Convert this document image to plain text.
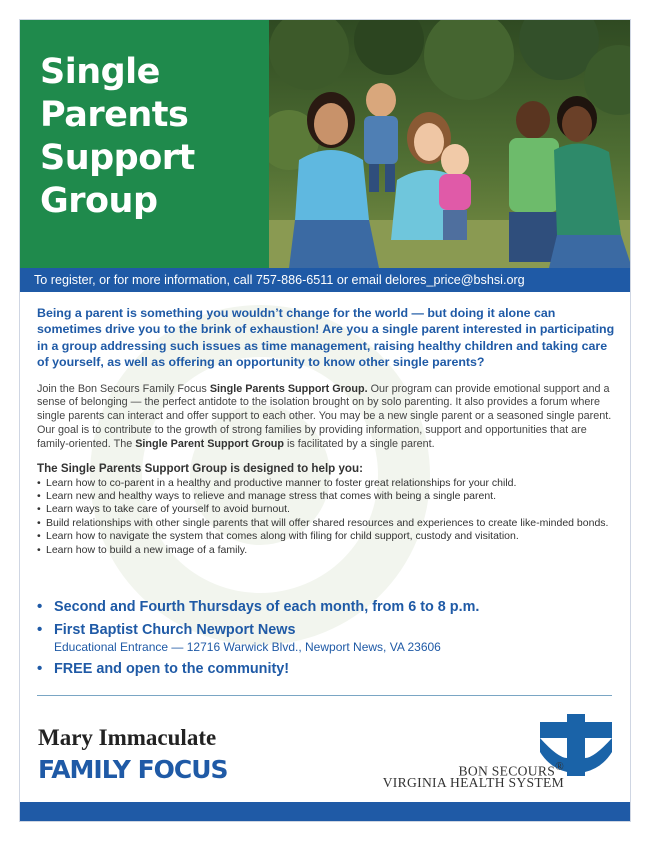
Single
Parents
Support
Group
To register, or for more information, call 757-886-6511 or email delores_price@bshsi.org

Being a parent is something you wouldn’t change for the world — but doing it alone can sometimes drive you to the brink of exhaustion! Are you a single parent interested in participating in a group addressing such issues as time management, raising healthy children and taking care of yourself, as well as offering an opportunity to know other single parents?

Join the Bon Secours Family Focus Single Parents Support Group. Our program can provide emotional support and a sense of belonging — the perfect antidote to the isolation brought on by solo parenting. It also provides a forum where single parents can interact and offer support to each other. You may be a new single parent or a seasoned single parent. Our goal is to contribute to the growth of strong families by providing information, support and opportunities that are family-oriented. The Single Parent Support Group is facilitated by a single parent.

The Single Parents Support Group is designed to help you:

• Learn how to co-parent in a healthy and productive manner to foster great relationships for your child.
• Learn new and healthy ways to relieve and manage stress that comes with being a single parent.
• Learn ways to take care of yourself to avoid burnout.
• Build relationships with other single parents that will offer shared resources and experiences to create like-minded bonds.
• Learn how to navigate the system that comes along with filing for child support, custody and visitation.
• Learn how to build a new image of a family.
• Second and Fourth Thursdays of each month, from 6 to 8 p.m.
• First Baptist Church Newport News
Educational Entrance — 12716 Warwick Blvd., Newport News, VA 23606
• FREE and open to the community!

Mary Immaculate

FAMILY FOCUS	BON SECOURS®
VIRGINIA HEALTH SYSTEM
